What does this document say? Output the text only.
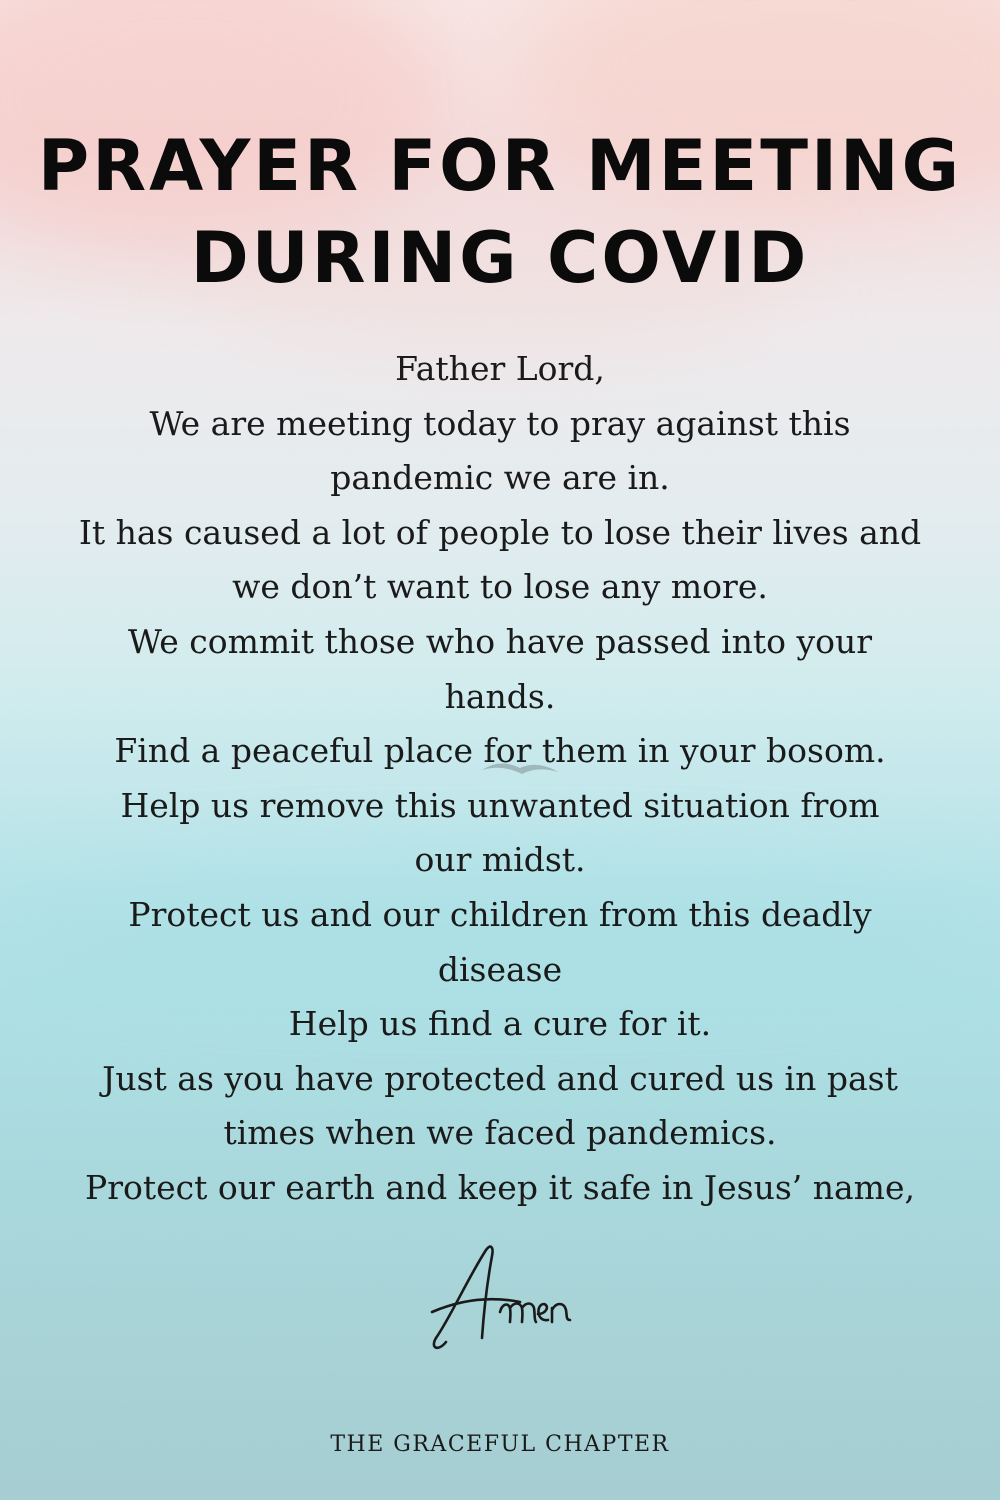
PRAYER FOR MEETING
DURING COVID
Father Lord,
We are meeting today to pray against this
pandemic we are in.
It has caused a lot of people to lose their lives and
we don’t want to lose any more.
We commit those who have passed into your
hands.
Find a peaceful place for them in your bosom.
Help us remove this unwanted situation from
our midst.
Protect us and our children from this deadly
disease
Help us find a cure for it.
Just as you have protected and cured us in past
times when we faced pandemics.
Protect our earth and keep it safe in Jesus’ name,
THE GRACEFUL CHAPTER
